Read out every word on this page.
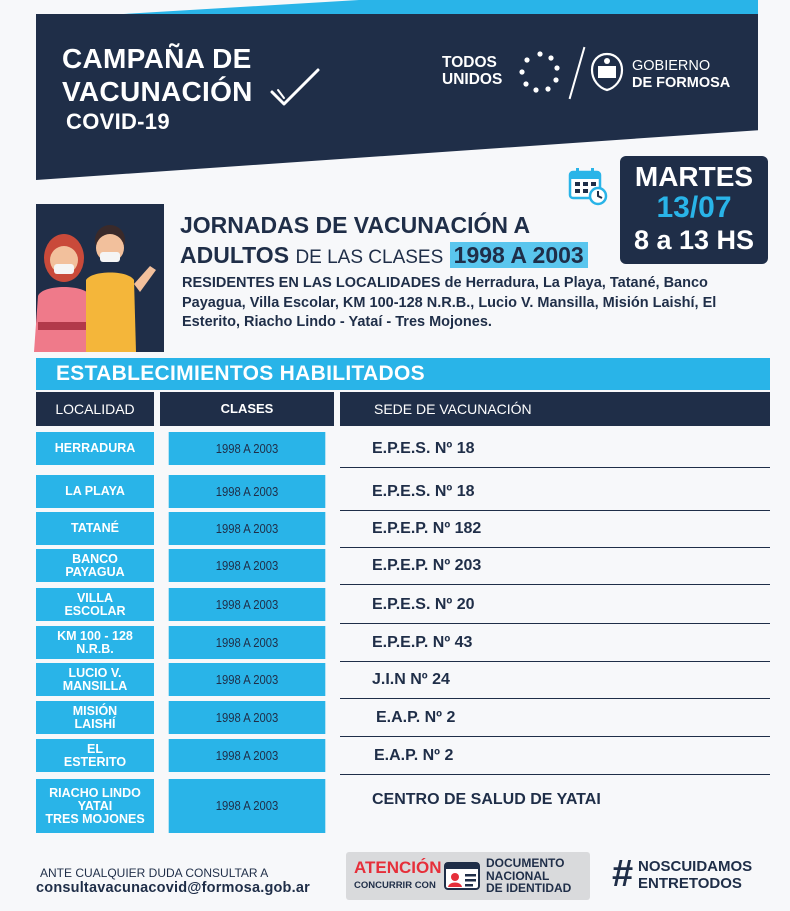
CAMPAÑA DE
VACUNACIÓN
COVID-19
TODOS
UNIDOS
GOBIERNO
DE FORMOSA
MARTES
13/07
8 a 13 HS
JORNADAS DE VACUNACIÓN A
ADULTOS DE LAS CLASES 1998 A 2003
RESIDENTES EN LAS LOCALIDADES de Herradura, La Playa, Tatané, Banco Payagua, Villa Escolar, KM 100-128 N.R.B., Lucio V. Mansilla, Misión Laishí, El Esterito, Riacho Lindo - Yataí - Tres Mojones.
ESTABLECIMIENTOS HABILITADOS
LOCALIDAD	CLASES	SEDE DE VACUNACIÓN
HERRADURA	1998 A 2003	E.P.E.S. Nº 18
LA PLAYA	1998 A 2003	E.P.E.S. Nº 18
TATANÉ	1998 A 2003	E.P.E.P. Nº 182
BANCO
PAYAGUA	1998 A 2003	E.P.E.P. Nº 203
VILLA
ESCOLAR	1998 A 2003	E.P.E.S. Nº 20
KM 100 - 128
N.R.B.	1998 A 2003	E.P.E.P. Nº 43
LUCIO V.
MANSILLA	1998 A 2003	J.I.N Nº 24
MISIÓN
LAISHÍ	1998 A 2003	E.A.P. Nº 2
EL
ESTERITO	1998 A 2003	E.A.P. Nº 2
RIACHO LINDO
YATAI
TRES MOJONES
1998 A 2003	CENTRO DE SALUD DE YATAI
ANTE CUALQUIER DUDA CONSULTAR A
consultavacunacovid@formosa.gob.ar
ATENCIÓN
CONCURRIR CON
DOCUMENTO
NACIONAL
DE IDENTIDAD # NOSCUIDAMOS
ENTRETODOS
